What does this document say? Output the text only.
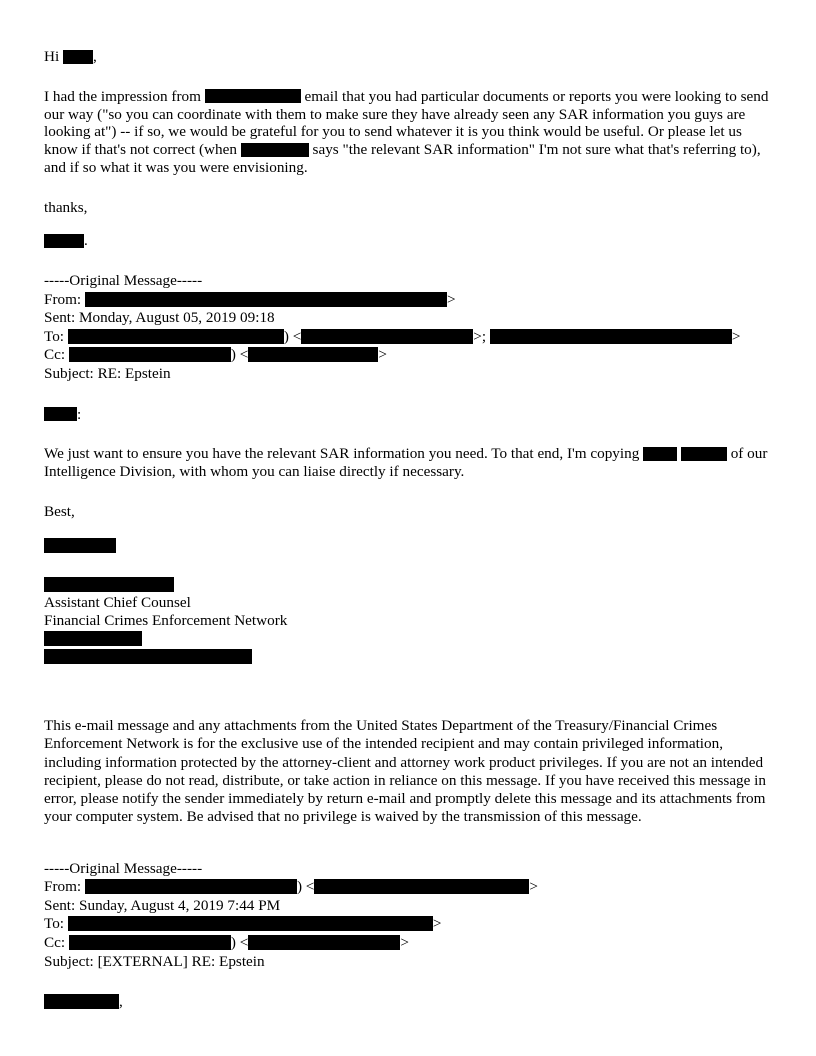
Hi ,

I had the impression from	email that you had particular documents or reports you were looking to send our way ("so you can coordinate with them to make sure they have already seen any SAR information you guys are looking at") -- if so, we would be grateful for you to send whatever it is you think would be useful. Or please let us know if that's not correct (when	says "the relevant SAR information" I'm not sure what that's referring to), and if so what it was you were envisioning.

thanks,

.

-----Original Message-----

From:	>

Sent: Monday, August 05, 2019 09:18

To:	) <	>;	>

Cc:	) <	>

Subject: RE: Epstein

:

We just want to ensure you have the relevant SAR information you need. To that end, I'm copying	of our Intelligence Division, with whom you can liaise directly if necessary.

Best,

Assistant Chief Counsel

Financial Crimes Enforcement Network

This e-mail message and any attachments from the United States Department of the Treasury/Financial Crimes Enforcement Network is for the exclusive use of the intended recipient and may contain privileged information, including information protected by the attorney-client and attorney work product privileges. If you are not an intended recipient, please do not read, distribute, or take action in reliance on this message. If you have received this message in error, please notify the sender immediately by return e-mail and promptly delete this message and its attachments from your computer system. Be advised that no privilege is waived by the transmission of this message.

-----Original Message-----

From:	) <	>

Sent: Sunday, August 4, 2019 7:44 PM

To:	>

Cc:	) <	>

Subject: [EXTERNAL] RE: Epstein

,
